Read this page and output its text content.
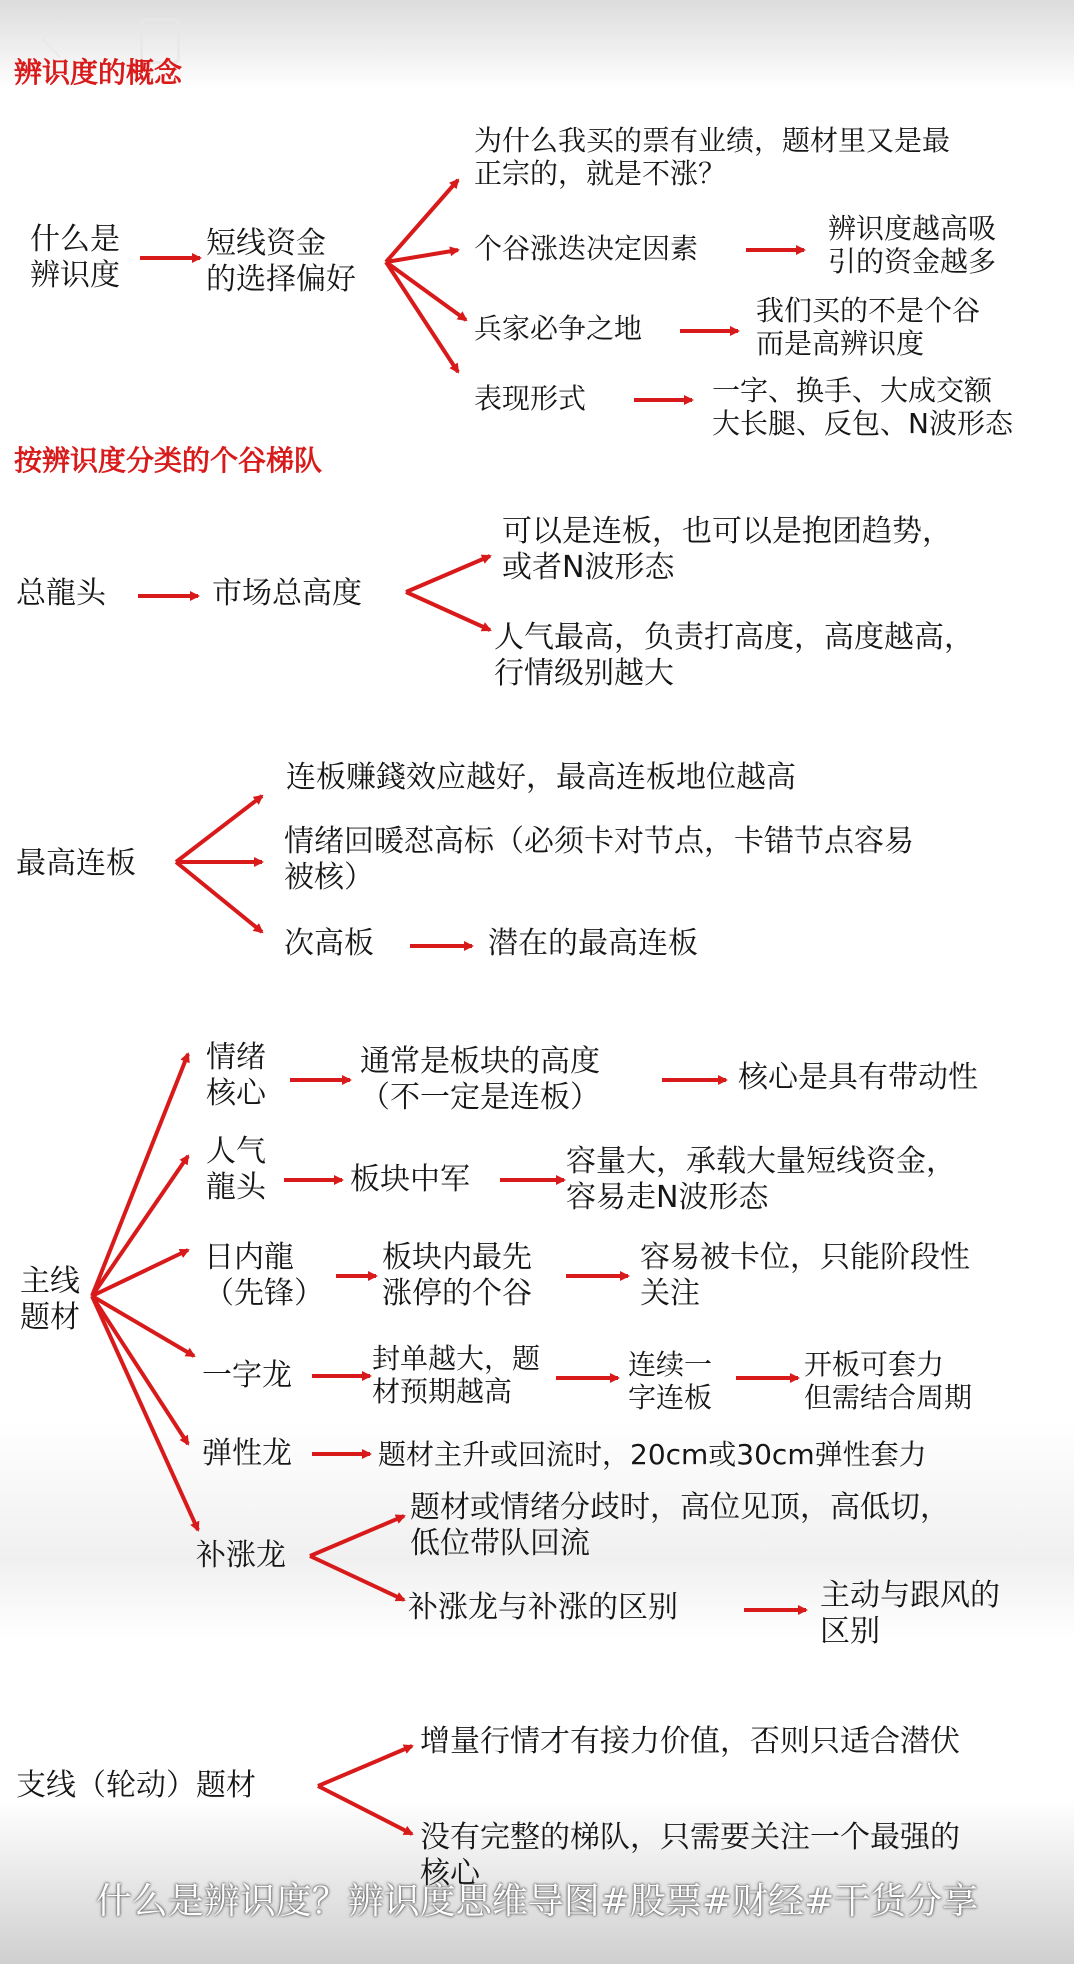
辨识度的概念
按辨识度分类的个谷梯队
什么是
辨识度
短线资金
的选择偏好
为什么我买的票有业绩，题材里又是最
正宗的，就是不涨？
个谷涨迭决定因素
辨识度越高吸
引的资金越多
兵家必争之地
我们买的不是个谷
而是高辨识度
表现形式	一字、换手、大成交额
大长腿、反包、N波形态
总龍头	市场总高度
可以是连板，也可以是抱团趋势，
或者N波形态
人气最高，负责打高度，高度越高，
行情级别越大
最高连板
连板赚錢效应越好，最高连板地位越高
情绪回暖怼高标（必须卡对节点，卡错节点容易
被核）
次高板	潜在的最高连板
主线
题材
情绪
核心
通常是板块的高度
（不一定是连板）
核心是具有带动性
人气
龍头	板块中军
容量大，承载大量短线资金，
容易走N波形态
日内龍
（先锋）
板块内最先
涨停的个谷
容易被卡位，只能阶段性
关注
一字龙	封单越大，题
材预期越高
连续一
字连板
开板可套力
但需结合周期
弹性龙	题材主升或回流时，20cm或30cm弹性套力
补涨龙
题材或情绪分歧时，高位见顶，高低切，
低位带队回流
补涨龙与补涨的区别	主动与跟风的
区别
支线（轮动）题材
增量行情才有接力价值，否则只适合潜伏
没有完整的梯队，只需要关注一个最强的
核心
什么是辨识度？辨识度思维导图#股票#财经#干货分享
